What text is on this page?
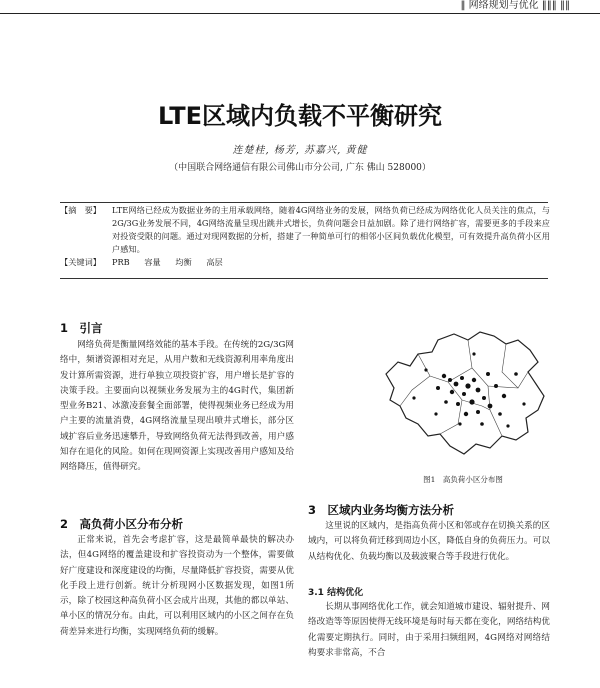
‖ 网络规划与优化 ‖‖‖ ‖‖
LTE区域内负载不平衡研究
连楚桂, 杨芳, 苏嘉兴, 黄健
（中国联合网络通信有限公司佛山市分公司, 广东 佛山 528000）
【摘　要】	LTE网络已经成为数据业务的主用承载网络，随着4G网络业务的发展，网络负荷已经成为网络优化人员关注的焦点，与2G/3G业务发展不同，4G网络流量呈现出跳井式增长，负荷问题会日益加剧。除了进行网络扩容，需要更多的手段来应对投资受限的问题。通过对现网数据的分析，搭建了一种简单可行的相邻小区间负载优化模型，可有效提升高负荷小区用户感知。
【关键词】	PRB 容量 均衡 高层
1　引言

网络负荷是衡量网络效能的基本手段。在传统的2G/3G网络中，频谱资源相对充足，从用户数和无线资源利用率角度出发计算所需资源，进行单独立项投资扩容，用户增长是扩容的决策手段。主要面向以视频业务发展为主的4G时代，集团新型业务B21、冰激凌套餐全面部署，使得视频业务已经成为用户主要的流量消费，4G网络流量呈现出喷井式增长，部分区域扩容后业务迅速攀升，导致网络负荷无法得到改善，用户感知存在退化的风险。如何在现网资源上实现改善用户感知及给网络降压，值得研究。

2　高负荷小区分布分析

正常来说，首先会考虑扩容，这是最简单最快的解决办法，但4G网络的覆盖建设和扩容投资动为一个整体，需要做好广度建设和深度建设的均衡，尽量降低扩容投资，需要从优化手段上进行创新。统计分析现网小区数据发现，如图1所示，除了校园这种高负荷小区会成片出现，其他的都以单站、单小区的情况分布。由此，可以利用区域内的小区之间存在负荷差异来进行均衡，实现网络负荷的缓解。

图1　高负荷小区分布图
3　区域内业务均衡方法分析

这里说的区域内，是指高负荷小区和邻或存在切换关系的区域内，可以将负荷迁移到周边小区，降低自身的负荷压力。可以从结构优化、负载均衡以及载波聚合等手段进行优化。

3.1 结构优化

长期从事网络优化工作，就会知道城市建设、辐射提升、网络改造等等原因使得无线环境是每时每天都在变化，网络结构优化需要定期执行。同时，由于采用扫频组网，4G网络对网络结构要求非常高，不合
